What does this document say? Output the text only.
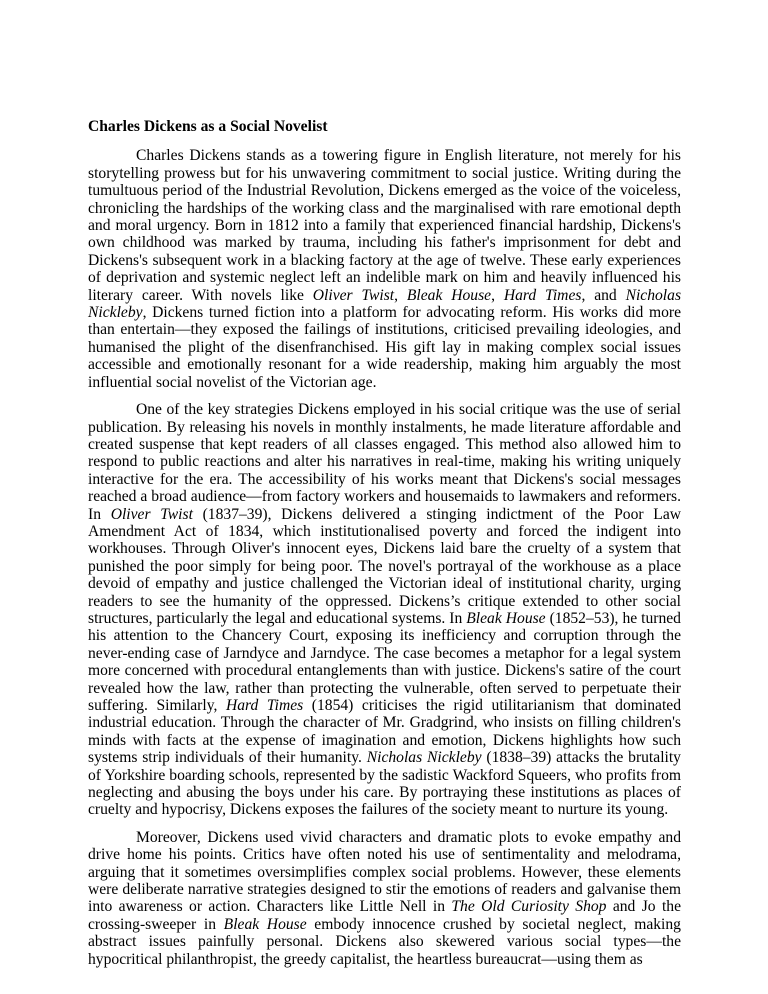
Charles Dickens as a Social Novelist

Charles Dickens stands as a towering figure in English literature, not merely for his storytelling prowess but for his unwavering commitment to social justice. Writing during the tumultuous period of the Industrial Revolution, Dickens emerged as the voice of the voiceless, chronicling the hardships of the working class and the marginalised with rare emotional depth and moral urgency. Born in 1812 into a family that experienced financial hardship, Dickens's own childhood was marked by trauma, including his father's imprisonment for debt and Dickens's subsequent work in a blacking factory at the age of twelve. These early experiences of deprivation and systemic neglect left an indelible mark on him and heavily influenced his literary career. With novels like Oliver Twist, Bleak House, Hard Times, and Nicholas Nickleby, Dickens turned fiction into a platform for advocating reform. His works did more than entertain—they exposed the failings of institutions, criticised prevailing ideologies, and humanised the plight of the disenfranchised. His gift lay in making complex social issues accessible and emotionally resonant for a wide readership, making him arguably the most influential social novelist of the Victorian age.

One of the key strategies Dickens employed in his social critique was the use of serial publication. By releasing his novels in monthly instalments, he made literature affordable and created suspense that kept readers of all classes engaged. This method also allowed him to respond to public reactions and alter his narratives in real-time, making his writing uniquely interactive for the era. The accessibility of his works meant that Dickens's social messages reached a broad audience—from factory workers and housemaids to lawmakers and reformers. In Oliver Twist (1837–39), Dickens delivered a stinging indictment of the Poor Law Amendment Act of 1834, which institutionalised poverty and forced the indigent into workhouses. Through Oliver's innocent eyes, Dickens laid bare the cruelty of a system that punished the poor simply for being poor. The novel's portrayal of the workhouse as a place devoid of empathy and justice challenged the Victorian ideal of institutional charity, urging readers to see the humanity of the oppressed. Dickens’s critique extended to other social structures, particularly the legal and educational systems. In Bleak House (1852–53), he turned his attention to the Chancery Court, exposing its inefficiency and corruption through the never-ending case of Jarndyce and Jarndyce. The case becomes a metaphor for a legal system more concerned with procedural entanglements than with justice. Dickens's satire of the court revealed how the law, rather than protecting the vulnerable, often served to perpetuate their suffering. Similarly, Hard Times (1854) criticises the rigid utilitarianism that dominated industrial education. Through the character of Mr. Gradgrind, who insists on filling children's minds with facts at the expense of imagination and emotion, Dickens highlights how such systems strip individuals of their humanity. Nicholas Nickleby (1838–39) attacks the brutality of Yorkshire boarding schools, represented by the sadistic Wackford Squeers, who profits from neglecting and abusing the boys under his care. By portraying these institutions as places of cruelty and hypocrisy, Dickens exposes the failures of the society meant to nurture its young.

Moreover, Dickens used vivid characters and dramatic plots to evoke empathy and drive home his points. Critics have often noted his use of sentimentality and melodrama, arguing that it sometimes oversimplifies complex social problems. However, these elements were deliberate narrative strategies designed to stir the emotions of readers and galvanise them into awareness or action. Characters like Little Nell in The Old Curiosity Shop and Jo the crossing-sweeper in Bleak House embody innocence crushed by societal neglect, making abstract issues painfully personal. Dickens also skewered various social types—the hypocritical philanthropist, the greedy capitalist, the heartless bureaucrat—using them as
